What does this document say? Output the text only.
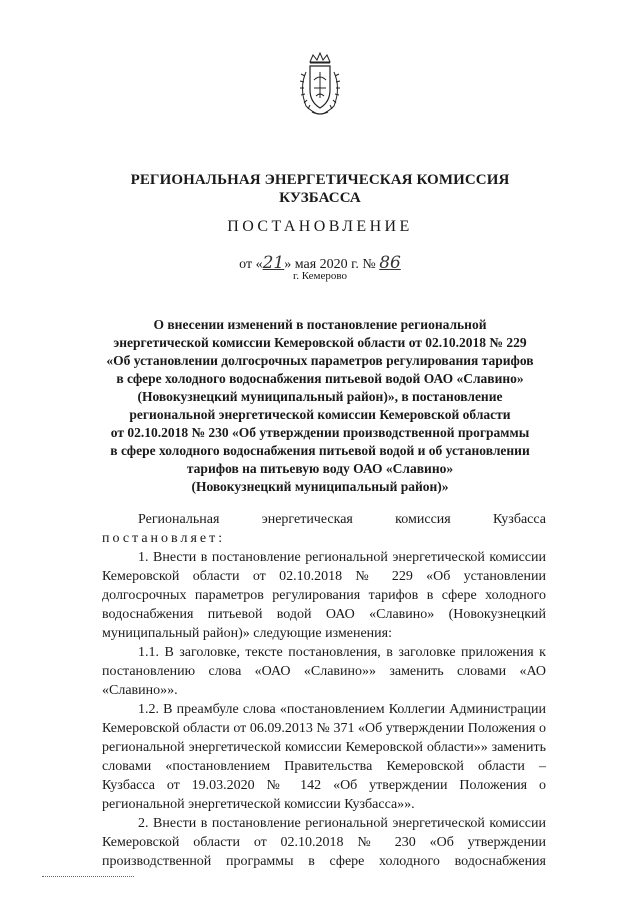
РЕГИОНАЛЬНАЯ ЭНЕРГЕТИЧЕСКАЯ КОМИССИЯ
КУЗБАССА
ПОСТАНОВЛЕНИЕ
от «21» мая 2020 г. № 86
г. Кемерово
О внесении изменений в постановление региональной
энергетической комиссии Кемеровской области от 02.10.2018 № 229
«Об установлении долгосрочных параметров регулирования тарифов
в сфере холодного водоснабжения питьевой водой ОАО «Славино»
(Новокузнецкий муниципальный район)», в постановление
региональной энергетической комиссии Кемеровской области
от 02.10.2018 № 230 «Об утверждении производственной программы
в сфере холодного водоснабжения питьевой водой и об установлении
тарифов на питьевую воду ОАО «Славино»
(Новокузнецкий муниципальный район)»

Региональная энергетическая комиссия Кузбасса

постановляет:

1. Внести в постановление региональной энергетической комиссии Кемеровской области от 02.10.2018 № 229 «Об установлении долгосрочных параметров регулирования тарифов в сфере холодного водоснабжения питьевой водой ОАО «Славино» (Новокузнецкий муниципальный район)» следующие изменения:

1.1. В заголовке, тексте постановления, в заголовке приложения к постановлению слова «ОАО «Славино»» заменить словами «АО «Славино»».

1.2. В преамбуле слова «постановлением Коллегии Администрации Кемеровской области от 06.09.2013 № 371 «Об утверждении Положения о региональной энергетической комиссии Кемеровской области»» заменить словами «постановлением Правительства Кемеровской области – Кузбасса от 19.03.2020 № 142 «Об утверждении Положения о региональной энергетической комиссии Кузбасса»».

2. Внести в постановление региональной энергетической комиссии Кемеровской области от 02.10.2018 № 230 «Об утверждении производственной программы в сфере холодного водоснабжения
